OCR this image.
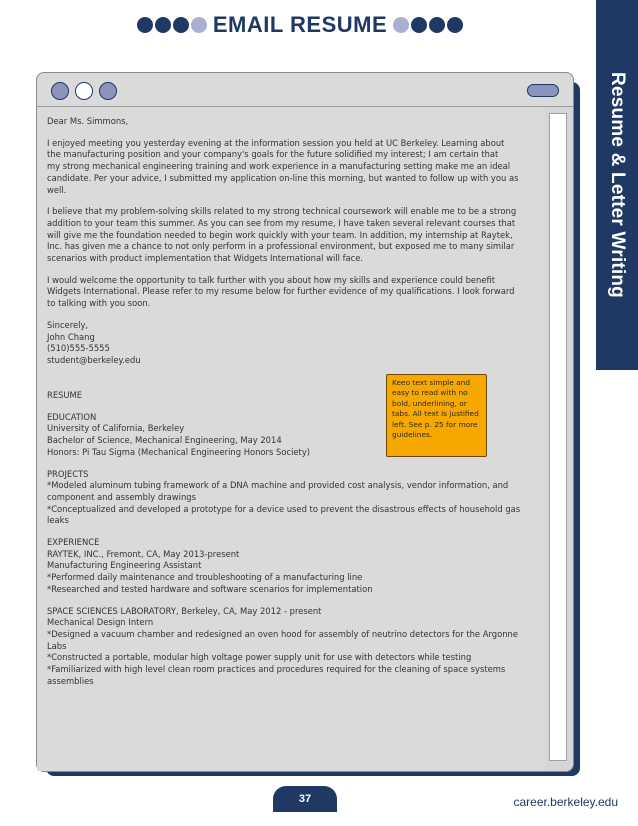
EMAIL RESUME
Resume & Letter Writing

Dear Ms. Simmons,

I enjoyed meeting you yesterday evening at the information session you held at UC Berkeley. Learning about
the manufacturing position and your company's goals for the future solidified my interest; I am certain that
my strong mechanical engineering training and work experience in a manufacturing setting make me an ideal
candidate. Per your advice, I submitted my application on-line this morning, but wanted to follow up with you as
well.

I believe that my problem-solving skills related to my strong technical coursework will enable me to be a strong
addition to your team this summer. As you can see from my resume, I have taken several relevant courses that
will give me the foundation needed to begin work quickly with your team. In addition, my internship at Raytek,
Inc. has given me a chance to not only perform in a professional environment, but exposed me to many similar
scenarios with product implementation that Widgets International will face.

I would welcome the opportunity to talk further with you about how my skills and experience could benefit
Widgets International. Please refer to my resume below for further evidence of my qualifications. I look forward
to talking with you soon.

Sincerely,
John Chang
(510)555-5555
student@berkeley.edu

RESUME

EDUCATION
University of California, Berkeley
Bachelor of Science, Mechanical Engineering, May 2014
Honors: Pi Tau Sigma (Mechanical Engineering Honors Society)

PROJECTS
*Modeled aluminum tubing framework of a DNA machine and provided cost analysis, vendor information, and
component and assembly drawings
*Conceptualized and developed a prototype for a device used to prevent the disastrous effects of household gas
leaks

EXPERIENCE
RAYTEK, INC., Fremont, CA, May 2013-present
Manufacturing Engineering Assistant
*Performed daily maintenance and troubleshooting of a manufacturing line
*Researched and tested hardware and software scenarios for implementation

SPACE SCIENCES LABORATORY, Berkeley, CA, May 2012 - present
Mechanical Design Intern
*Designed a vacuum chamber and redesigned an oven hood for assembly of neutrino detectors for the Argonne
Labs
*Constructed a portable, modular high voltage power supply unit for use with detectors while testing
*Familiarized with high level clean room practices and procedures required for the cleaning of space systems
assemblies

Keeo text simple and easy to read with no bold, underlining, or tabs. All text is justified left. See p. 25 for more guidelines.
37	career.berkeley.edu
